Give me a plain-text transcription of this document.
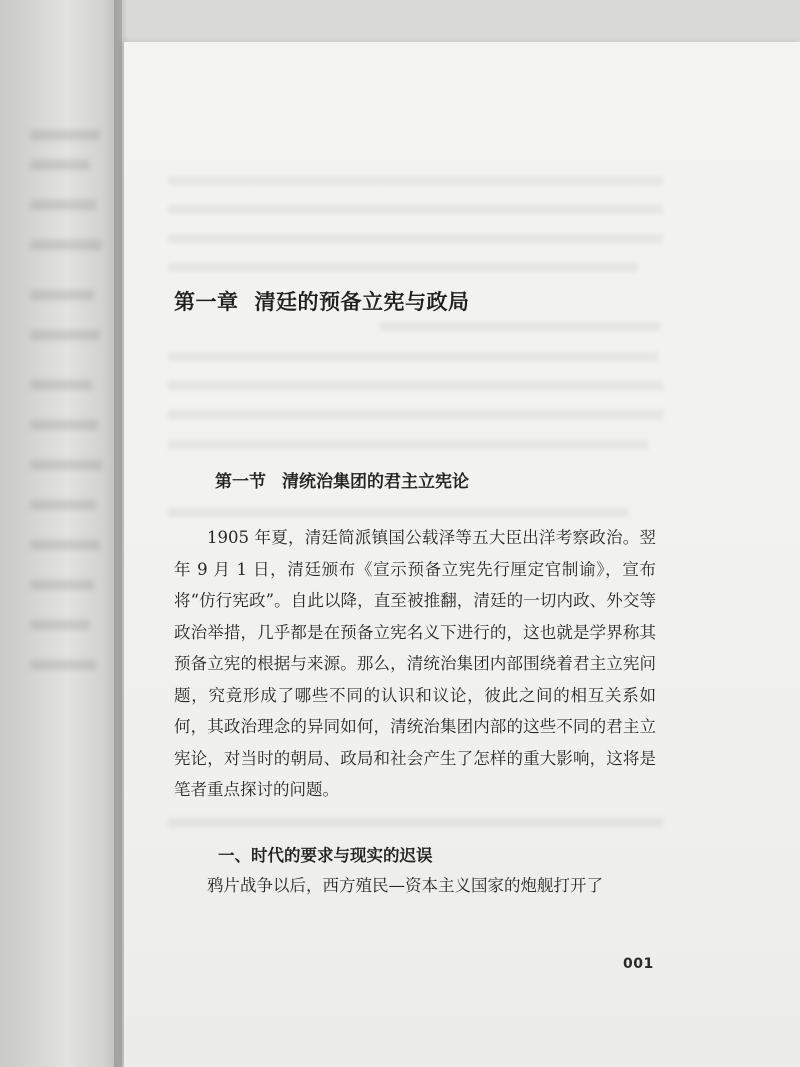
第一章 清廷的预备立宪与政局
第一节 清统治集团的君主立宪论

1905 年夏，清廷简派镇国公载泽等五大臣出洋考察政治。翌年 9 月 1 日，清廷颁布《宣示预备立宪先行厘定官制谕》，宣布将“仿行宪政”。自此以降，直至被推翻，清廷的一切内政、外交等政治举措，几乎都是在预备立宪名义下进行的，这也就是学界称其预备立宪的根据与来源。那么，清统治集团内部围绕着君主立宪问题，究竟形成了哪些不同的认识和议论，彼此之间的相互关系如何，其政治理念的异同如何，清统治集团内部的这些不同的君主立宪论，对当时的朝局、政局和社会产生了怎样的重大影响，这将是笔者重点探讨的问题。

一、时代的要求与现实的迟误

鸦片战争以后，西方殖民—资本主义国家的炮舰打开了

001
